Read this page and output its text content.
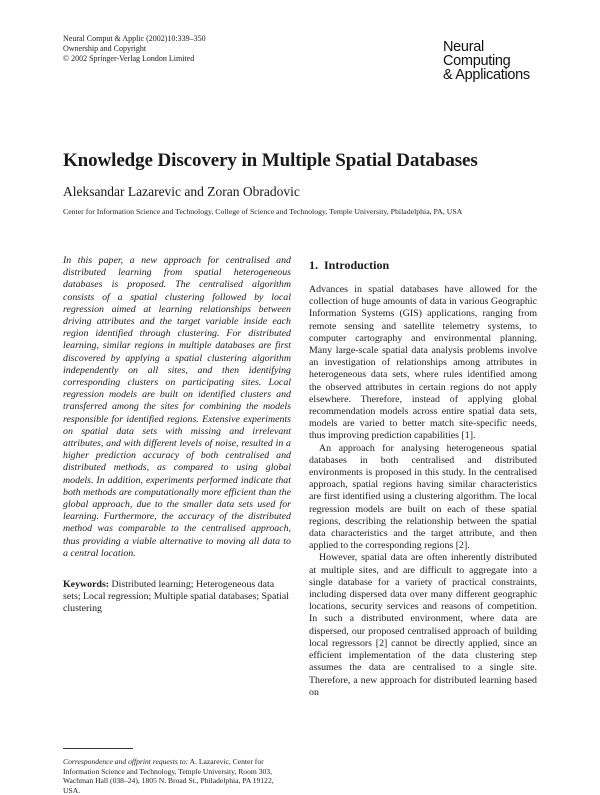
Neural Comput & Applic (2002)10:339–350
Ownership and Copyright
© 2002 Springer-Verlag London Limited
Neural
Computing
& Applications
Knowledge Discovery in Multiple Spatial Databases
Aleksandar Lazarevic and Zoran Obradovic
Center for Information Science and Technology, College of Science and Technology, Temple University, Philadelphia, PA, USA

In this paper, a new approach for centralised and distributed learning from spatial heterogeneous databases is proposed. The centralised algorithm consists of a spatial clustering followed by local regression aimed at learning relationships between driving attributes and the target variable inside each region identified through clustering. For distributed learning, similar regions in multiple databases are first discovered by applying a spatial clustering algorithm independently on all sites, and then identifying corresponding clusters on participating sites. Local regression models are built on identified clusters and transferred among the sites for combining the models responsible for identified regions. Extensive experiments on spatial data sets with missing and irrelevant attributes, and with different levels of noise, resulted in a higher prediction accuracy of both centralised and distributed methods, as compared to using global models. In addition, experiments performed indicate that both methods are computationally more efficient than the global approach, due to the smaller data sets used for learning. Furthermore, the accuracy of the distributed method was comparable to the centralised approach, thus providing a viable alternative to moving all data to a central location.

Keywords: Distributed learning; Heterogeneous data sets; Local regression; Multiple spatial databases; Spatial clustering
Correspondence and offprint requests to: A. Lazarevic, Center for Information Science and Technology, Temple University, Room 303, Wachman Hall (038–24), 1805 N. Broad St., Philadelphia, PA 19122, USA.
1. Introduction

Advances in spatial databases have allowed for the collection of huge amounts of data in various Geographic Information Systems (GIS) applications, ranging from remote sensing and satellite telemetry systems, to computer cartography and environmental planning. Many large-scale spatial data analysis problems involve an investigation of relationships among attributes in heterogeneous data sets, where rules identified among the observed attributes in certain regions do not apply elsewhere. Therefore, instead of applying global recommendation models across entire spatial data sets, models are varied to better match site-specific needs, thus improving prediction capabilities [1].

An approach for analysing heterogeneous spatial databases in both centralised and distributed environments is proposed in this study. In the centralised approach, spatial regions having similar characteristics are first identified using a clustering algorithm. The local regression models are built on each of these spatial regions, describing the relationship between the spatial data characteristics and the target attribute, and then applied to the corresponding regions [2].

However, spatial data are often inherently distributed at multiple sites, and are difficult to aggregate into a single database for a variety of practical constraints, including dispersed data over many different geographic locations, security services and reasons of competition. In such a distributed environment, where data are dispersed, our proposed centralised approach of building local regressors [2] cannot be directly applied, since an efficient implementation of the data clustering step assumes the data are centralised to a single site. Therefore, a new approach for distributed learning based on
